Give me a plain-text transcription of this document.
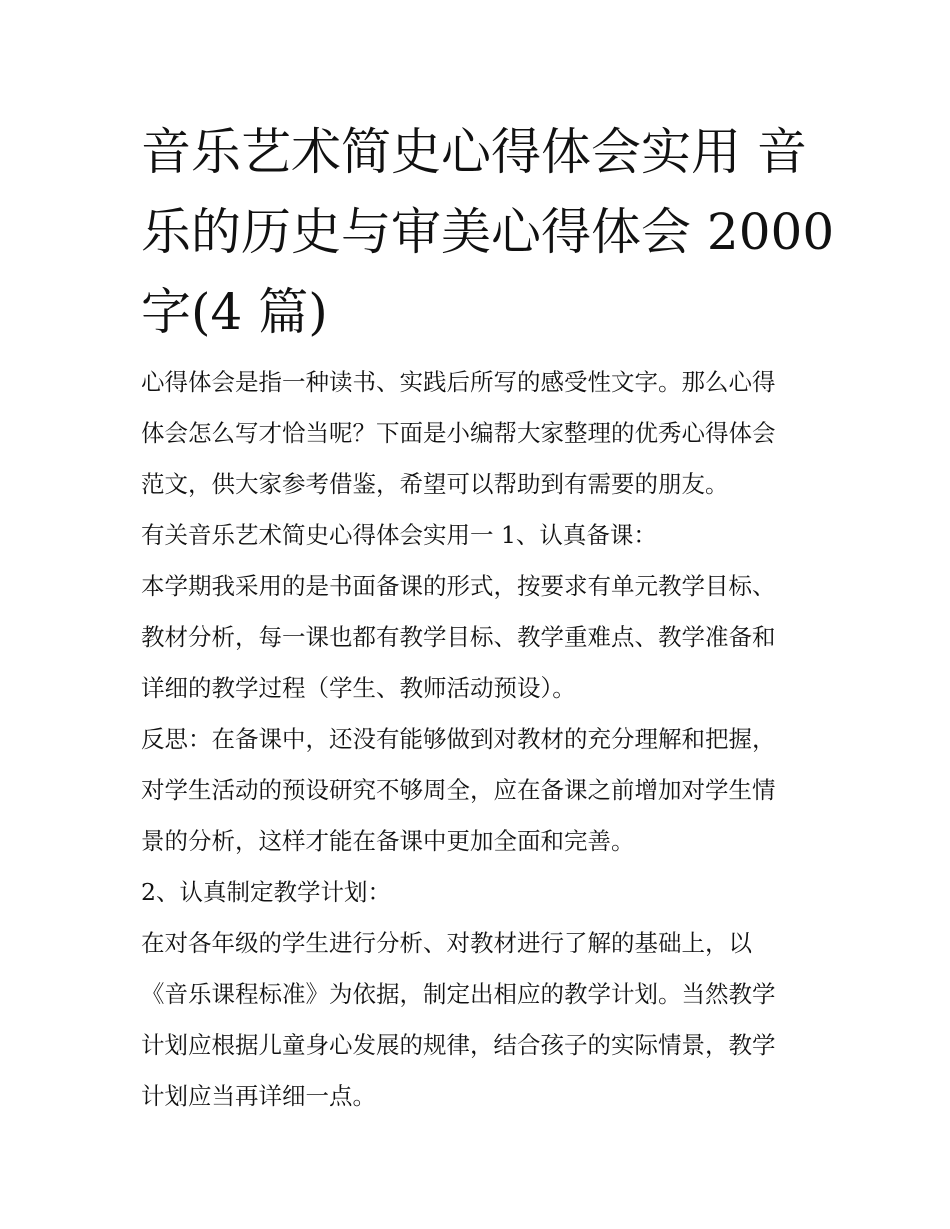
音乐艺术简史心得体会实用 音
乐的历史与审美心得体会 2000
字(4 篇)

心得体会是指一种读书、实践后所写的感受性文字。那么心得
体会怎么写才恰当呢？下面是小编帮大家整理的优秀心得体会
范文，供大家参考借鉴，希望可以帮助到有需要的朋友。

有关音乐艺术简史心得体会实用一 1、认真备课：

本学期我采用的是书面备课的形式，按要求有单元教学目标、
教材分析，每一课也都有教学目标、教学重难点、教学准备和
详细的教学过程（学生、教师活动预设）。

反思：在备课中，还没有能够做到对教材的充分理解和把握，
对学生活动的预设研究不够周全，应在备课之前增加对学生情
景的分析，这样才能在备课中更加全面和完善。

2、认真制定教学计划：

在对各年级的学生进行分析、对教材进行了解的基础上，以
《音乐课程标准》为依据，制定出相应的教学计划。当然教学
计划应根据儿童身心发展的规律，结合孩子的实际情景，教学
计划应当再详细一点。
